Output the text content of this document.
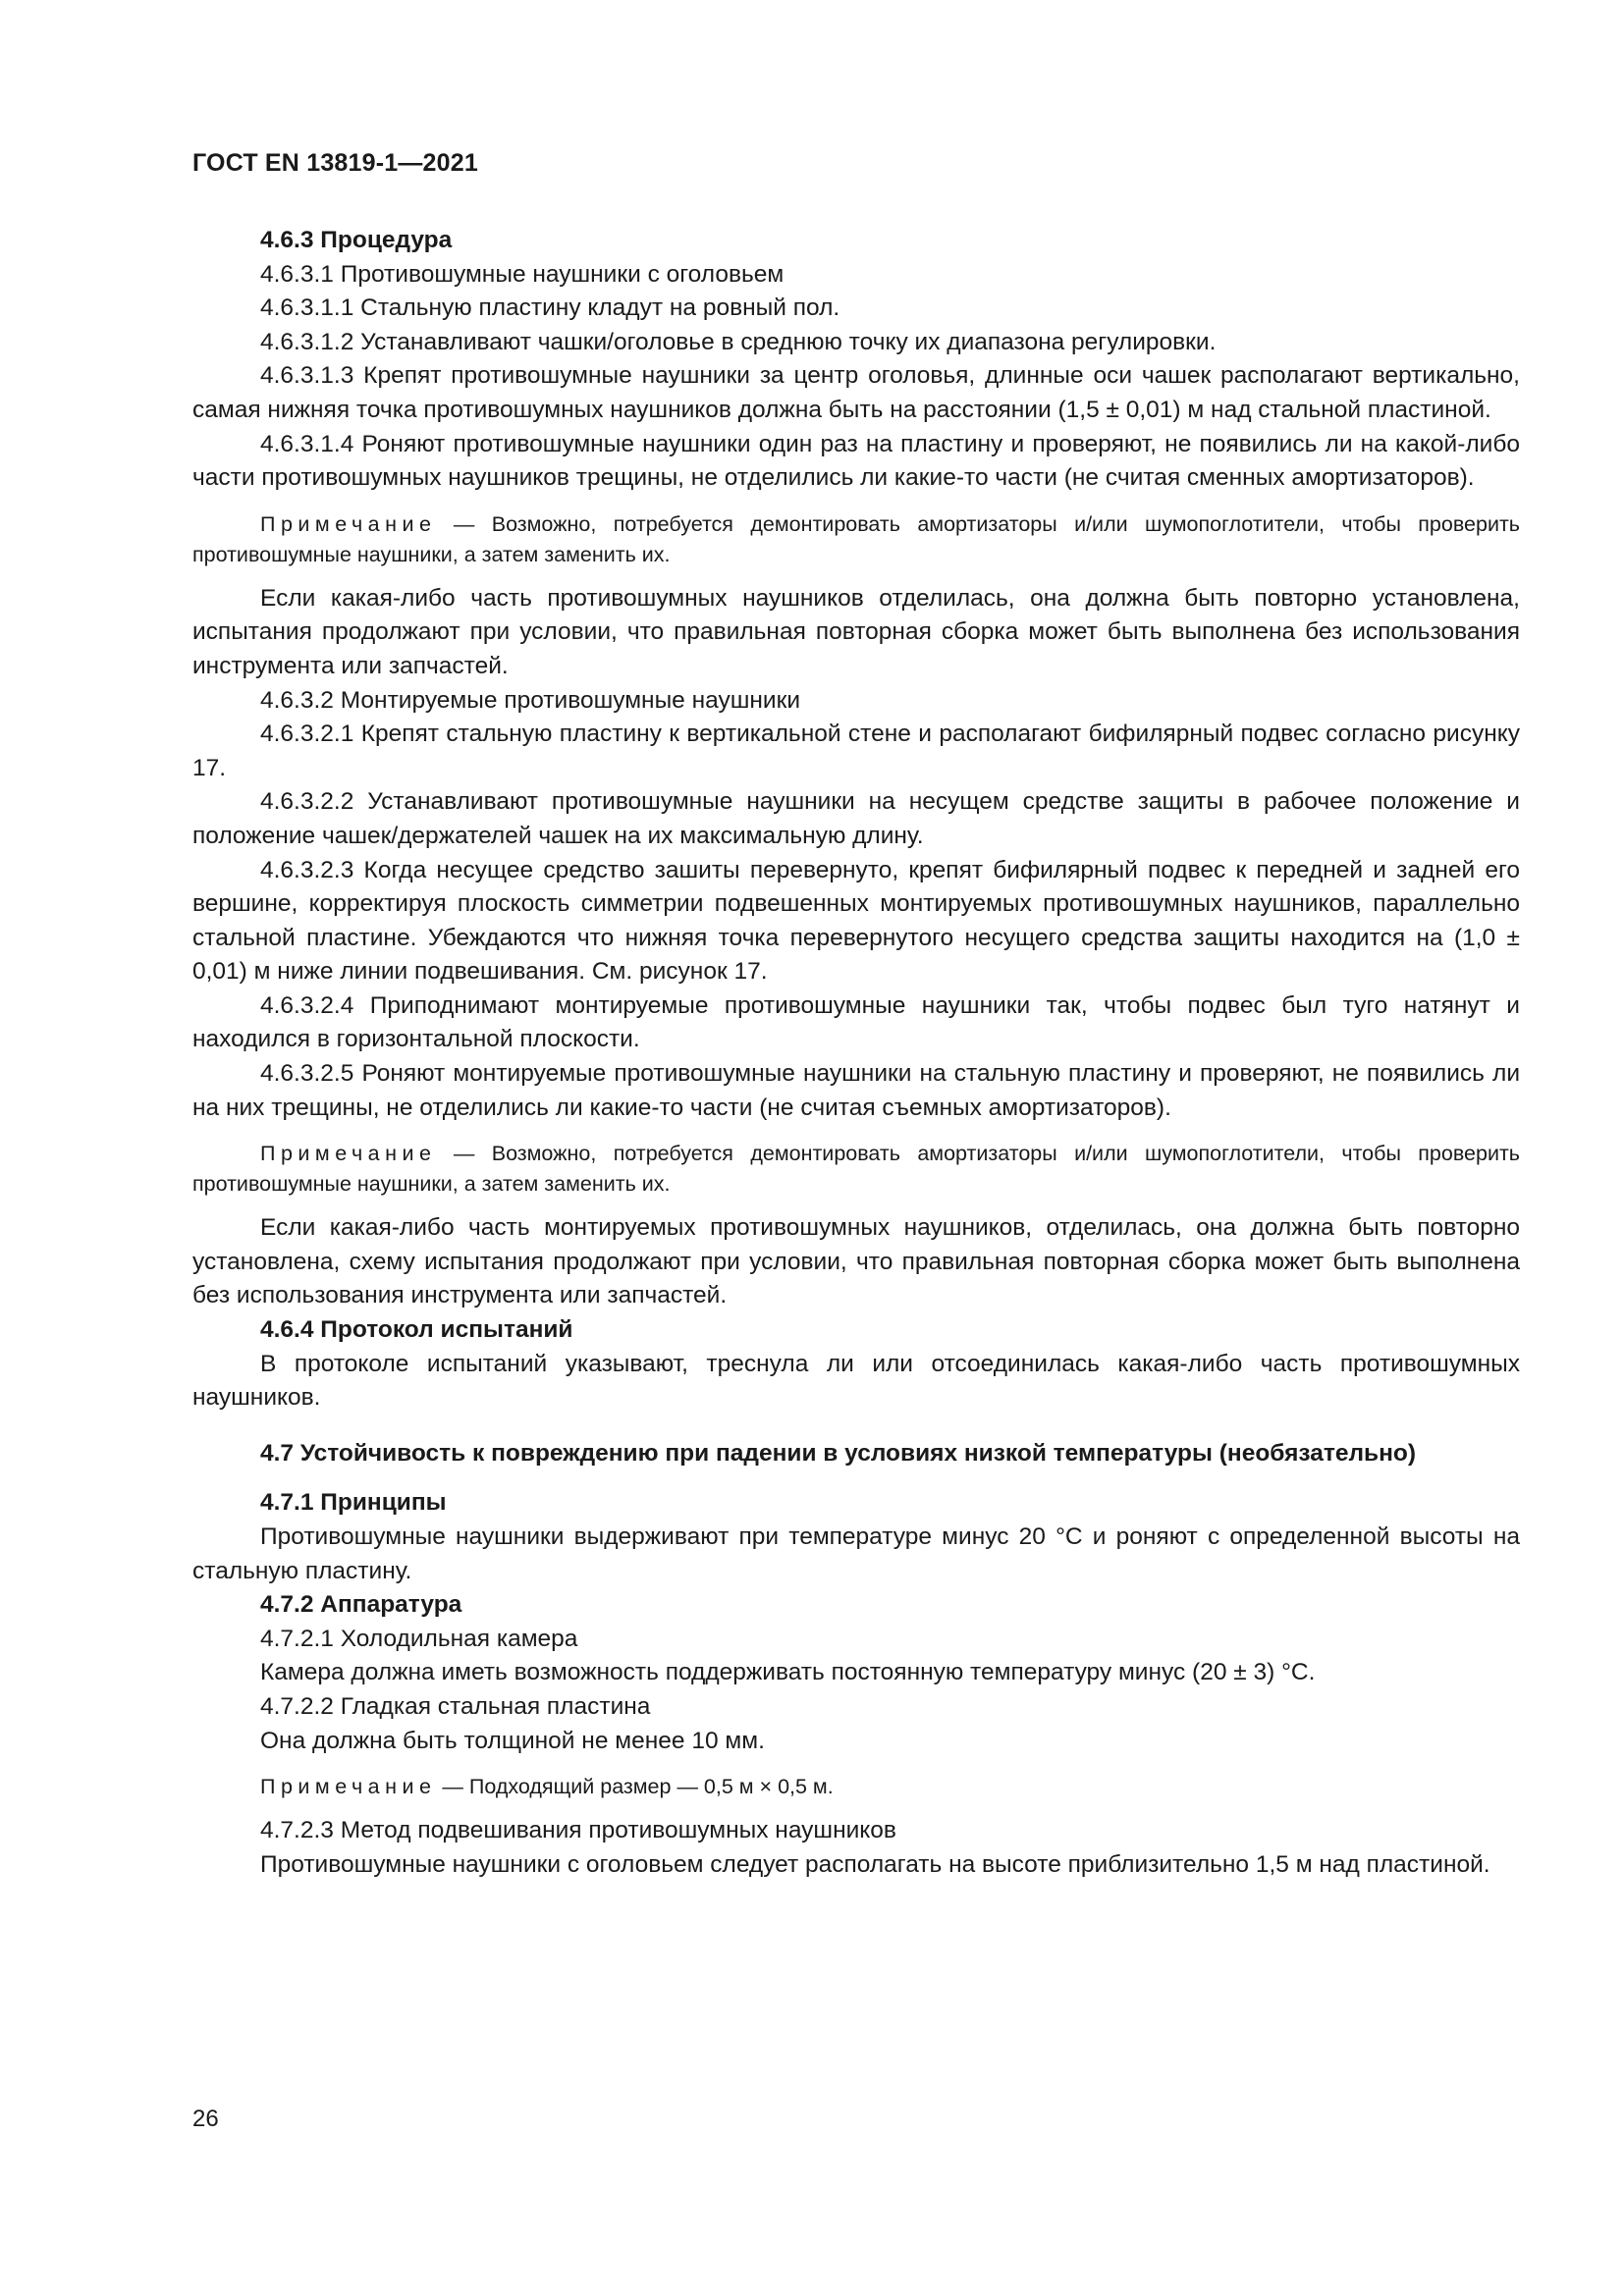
ГОСТ EN 13819-1—2021

4.6.3 Процедура

4.6.3.1 Противошумные наушники с оголовьем

4.6.3.1.1 Стальную пластину кладут на ровный пол.

4.6.3.1.2 Устанавливают чашки/оголовье в среднюю точку их диапазона регулировки.

4.6.3.1.3 Крепят противошумные наушники за центр оголовья, длинные оси чашек располагают вертикально, самая нижняя точка противошумных наушников должна быть на расстоянии (1,5 ± 0,01) м над стальной пластиной.

4.6.3.1.4 Роняют противошумные наушники один раз на пластину и проверяют, не появились ли на какой-либо части противошумных наушников трещины, не отделились ли какие-то части (не считая сменных амортизаторов).

Примечание — Возможно, потребуется демонтировать амортизаторы и/или шумопоглотители, чтобы проверить противошумные наушники, а затем заменить их.

Если какая-либо часть противошумных наушников отделилась, она должна быть повторно установлена, испытания продолжают при условии, что правильная повторная сборка может быть выполнена без использования инструмента или запчастей.

4.6.3.2 Монтируемые противошумные наушники

4.6.3.2.1 Крепят стальную пластину к вертикальной стене и располагают бифилярный подвес согласно рисунку 17.

4.6.3.2.2 Устанавливают противошумные наушники на несущем средстве защиты в рабочее положение и положение чашек/держателей чашек на их максимальную длину.

4.6.3.2.3 Когда несущее средство зашиты перевернуто, крепят бифилярный подвес к передней и задней его вершине, корректируя плоскость симметрии подвешенных монтируемых противошумных наушников, параллельно стальной пластине. Убеждаются что нижняя точка перевернутого несущего средства защиты находится на (1,0 ± 0,01) м ниже линии подвешивания. См. рисунок 17.

4.6.3.2.4 Приподнимают монтируемые противошумные наушники так, чтобы подвес был туго натянут и находился в горизонтальной плоскости.

4.6.3.2.5 Роняют монтируемые противошумные наушники на стальную пластину и проверяют, не появились ли на них трещины, не отделились ли какие-то части (не считая съемных амортизаторов).

Примечание — Возможно, потребуется демонтировать амортизаторы и/или шумопоглотители, чтобы проверить противошумные наушники, а затем заменить их.

Если какая-либо часть монтируемых противошумных наушников, отделилась, она должна быть повторно установлена, схему испытания продолжают при условии, что правильная повторная сборка может быть выполнена без использования инструмента или запчастей.

4.6.4 Протокол испытаний

В протоколе испытаний указывают, треснула ли или отсоединилась какая-либо часть противошумных наушников.

4.7 Устойчивость к повреждению при падении в условиях низкой температуры (необязательно)

4.7.1 Принципы

Противошумные наушники выдерживают при температуре минус 20 °С и роняют с определенной высоты на стальную пластину.

4.7.2 Аппаратура

4.7.2.1 Холодильная камера

Камера должна иметь возможность поддерживать постоянную температуру минус (20 ± 3) °С.

4.7.2.2 Гладкая стальная пластина

Она должна быть толщиной не менее 10 мм.

Примечание — Подходящий размер — 0,5 м × 0,5 м.

4.7.2.3 Метод подвешивания противошумных наушников

Противошумные наушники с оголовьем следует располагать на высоте приблизительно 1,5 м над пластиной.

26
